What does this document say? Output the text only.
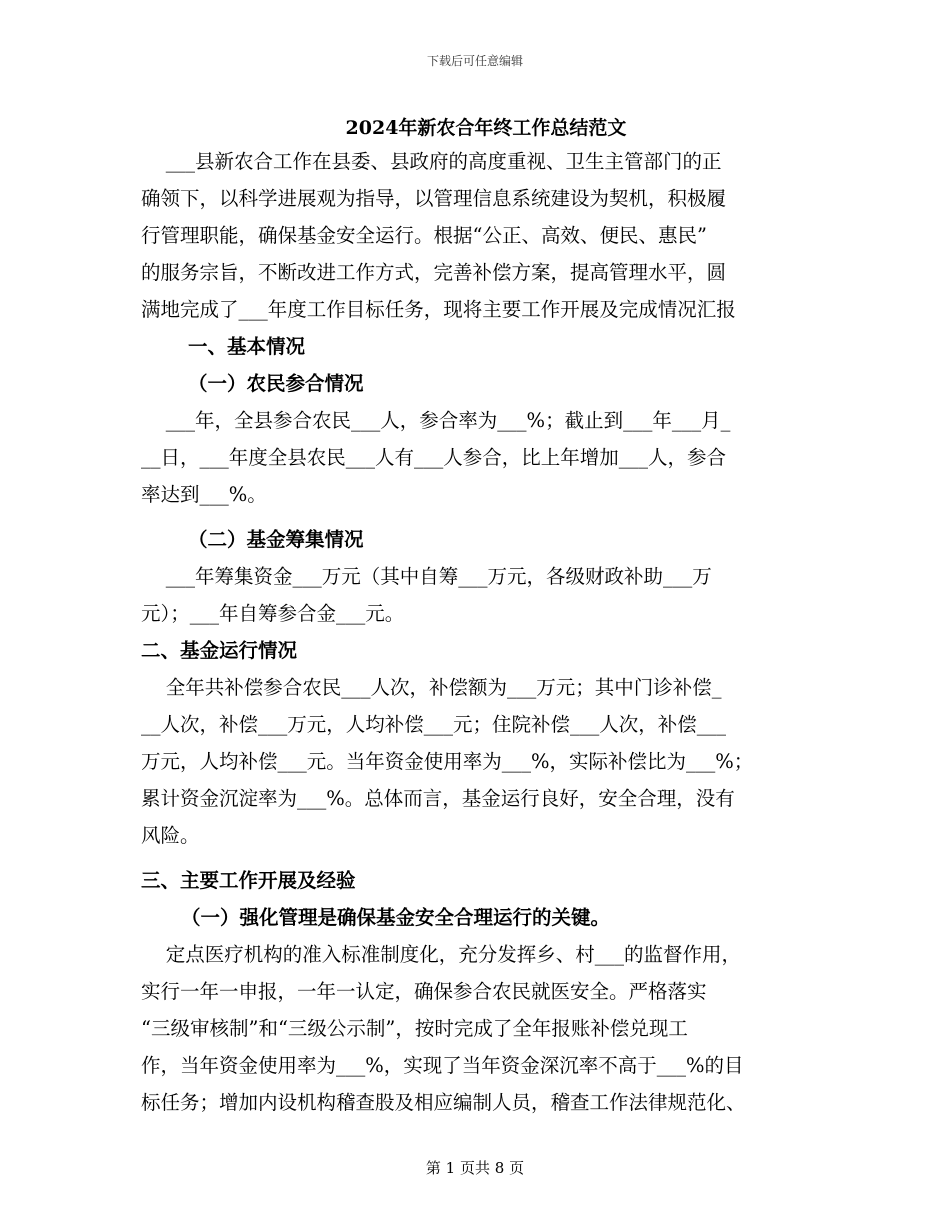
下载后可任意编辑

2024年新农合年终工作总结范文

___县新农合工作在县委、县政府的高度重视、卫生主管部门的正

确领下，以科学进展观为指导，以管理信息系统建设为契机，积极履

行管理职能，确保基金安全运行。根据“公正、高效、便民、惠民”

的服务宗旨，不断改进工作方式，完善补偿方案，提高管理水平，圆

满地完成了___年度工作目标任务，现将主要工作开展及完成情况汇报

一、基本情况

（一）农民参合情况

___年，全县参合农民___人，参合率为___%；截止到___年___月_

__日，___年度全县农民___人有___人参合，比上年增加___人，参合

率达到___%。

（二）基金筹集情况

___年筹集资金___万元（其中自筹___万元，各级财政补助___万

元）；___年自筹参合金___元。

二、基金运行情况

全年共补偿参合农民___人次，补偿额为___万元；其中门诊补偿_

__人次，补偿___万元，人均补偿___元；住院补偿___人次，补偿___

万元，人均补偿___元。当年资金使用率为___%，实际补偿比为___%；

累计资金沉淀率为___%。总体而言，基金运行良好，安全合理，没有

风险。

三、主要工作开展及经验

（一）强化管理是确保基金安全合理运行的关键。

定点医疗机构的准入标准制度化，充分发挥乡、村___的监督作用，

实行一年一申报，一年一认定，确保参合农民就医安全。严格落实

“三级审核制”和“三级公示制”，按时完成了全年报账补偿兑现工

作，当年资金使用率为___%，实现了当年资金深沉率不高于___%的目

标任务；增加内设机构稽查股及相应编制人员，稽查工作法律规范化、

第 1 页共 8 页
